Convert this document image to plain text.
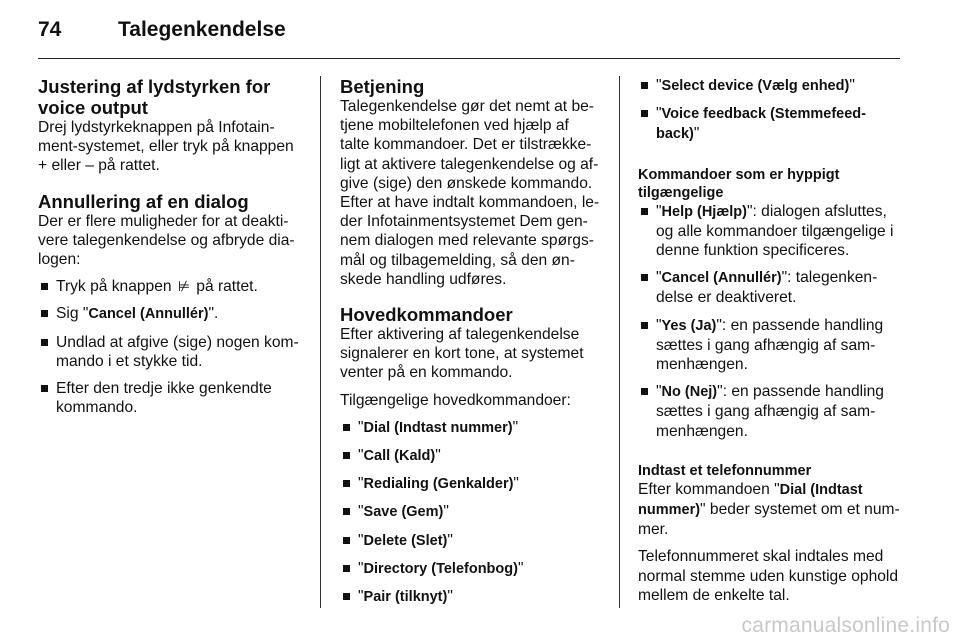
74	Talegenkendelse
Justering af lydstyrken for voice output

Drej lydstyrkeknappen på Infotain-ment-systemet, eller tryk på knappen + eller – på rattet.

Annullering af en dialog

Der er flere muligheder for at deakti-vere talegenkendelse og afbryde dia-logen:

Tryk på knappen ⊭ på rattet.
Sig "Cancel (Annullér)".
Undlad at afgive (sige) nogen kom-mando i et stykke tid.
Efter den tredje ikke genkendte kommando.
Betjening

Talegenkendelse gør det nemt at be-tjene mobiltelefonen ved hjælp af talte kommandoer. Det er tilstrække-ligt at aktivere talegenkendelse og af-give (sige) den ønskede kommando. Efter at have indtalt kommandoen, le-der Infotainmentsystemet Dem gen-nem dialogen med relevante spørgs-mål og tilbagemelding, så den øn-skede handling udføres.

Hovedkommandoer

Efter aktivering af talegenkendelse signalerer en kort tone, at systemet venter på en kommando.

Tilgængelige hovedkommandoer:

"Dial (Indtast nummer)"
"Call (Kald)"
"Redialing (Genkalder)"
"Save (Gem)"
"Delete (Slet)"
"Directory (Telefonbog)"
"Pair (tilknyt)"
"Select device (Vælg enhed)"
"Voice feedback (Stemmefeed-back)"
Kommandoer som er hyppigt tilgængelige
"Help (Hjælp)": dialogen afsluttes, og alle kommandoer tilgængelige i denne funktion specificeres.
"Cancel (Annullér)": talegenken-delse er deaktiveret.
"Yes (Ja)": en passende handling sættes i gang afhængig af sam-menhængen.
"No (Nej)": en passende handling sættes i gang afhængig af sam-menhængen.
Indtast et telefonnummer

Efter kommandoen "Dial (Indtast nummer)" beder systemet om et num-mer.

Telefonnummeret skal indtales med normal stemme uden kunstige ophold mellem de enkelte tal.

carmanualsonline.info
